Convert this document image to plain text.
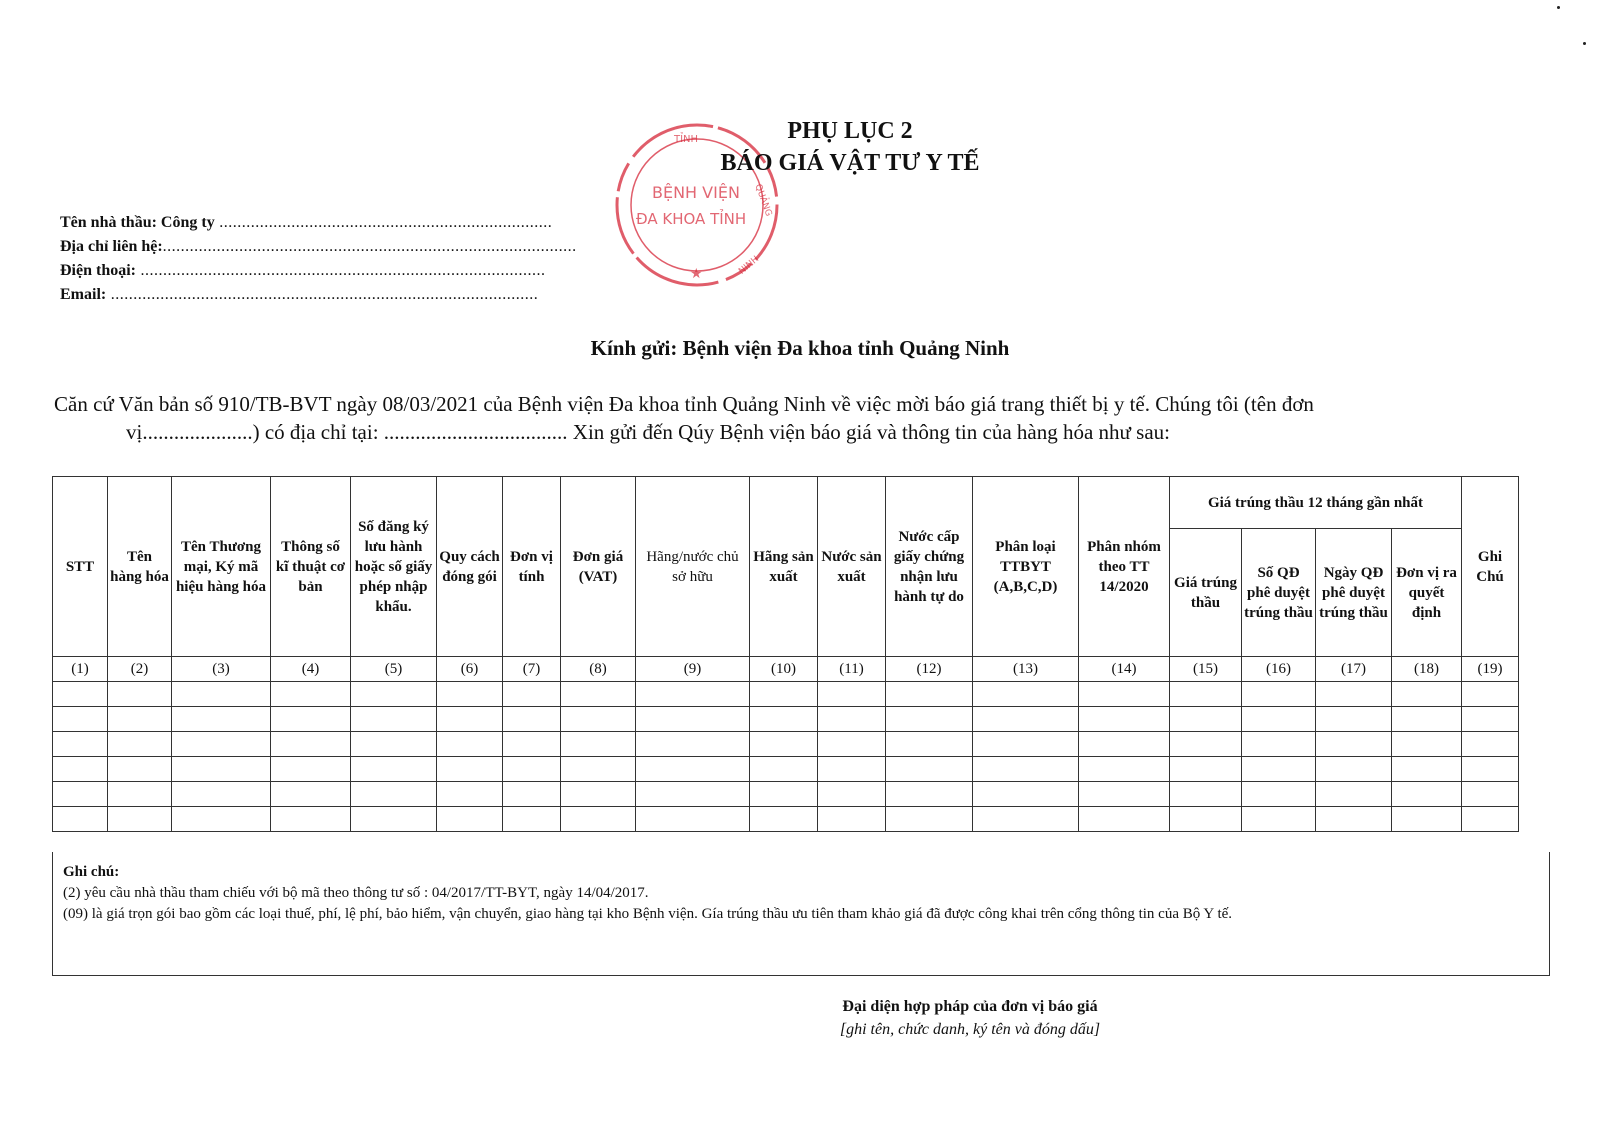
TỈNH
BỆNH VIỆN
ĐA KHOA TỈNH
QUẢNG
NINH
★
PHỤ LỤC 2
BÁO GIÁ VẬT TƯ Y TẾ
Tên nhà thầu: Công ty ..........................................................................
Địa chỉ liên hệ:............................................................................................
Điện thoại: ..........................................................................................
Email: ...............................................................................................
Kính gửi: Bệnh viện Đa khoa tỉnh Quảng Ninh
Căn cứ Văn bản số 910/TB-BVT ngày 08/03/2021 của Bệnh viện Đa khoa tỉnh Quảng Ninh về việc mời báo giá trang thiết bị y tế. Chúng tôi (tên đơn
vị.....................) có địa chỉ tại: ................................... Xin gửi đến Qúy Bệnh viện báo giá và thông tin của hàng hóa như sau:
STT	Tên hàng hóa	Tên Thương mại, Ký mã hiệu hàng hóa	Thông số kĩ thuật cơ bản	Số đăng ký lưu hành hoặc số giấy phép nhập khẩu.	Quy cách đóng gói	Đơn vị tính	Đơn giá (VAT)	Hãng/nước chủ sở hữu	Hãng sản xuất	Nước sản xuất	Nước cấp giấy chứng nhận lưu hành tự do	Phân loại TTBYT (A,B,C,D)	Phân nhóm theo TT 14/2020	Giá trúng thầu 12 tháng gần nhất				Ghi Chú
														Giá trúng thầu	Số QĐ phê duyệt trúng thầu	Ngày QĐ phê duyệt trúng thầu	Đơn vị ra quyết định	
(1)	(2)	(3)	(4)	(5)	(6)	(7)	(8)	(9)	(10)	(11)	(12)	(13)	(14)	(15)	(16)	(17)	(18)	(19)

Ghi chú:
(2) yêu cầu nhà thầu tham chiếu với bộ mã theo thông tư số : 04/2017/TT-BYT, ngày 14/04/2017.
(09) là giá trọn gói bao gồm các loại thuế, phí, lệ phí, bảo hiểm, vận chuyển, giao hàng tại kho Bệnh viện. Gía trúng thầu ưu tiên tham khảo giá đã được công khai trên cổng thông tin của Bộ Y tế.
Đại diện hợp pháp của đơn vị báo giá
[ghi tên, chức danh, ký tên và đóng dấu]
